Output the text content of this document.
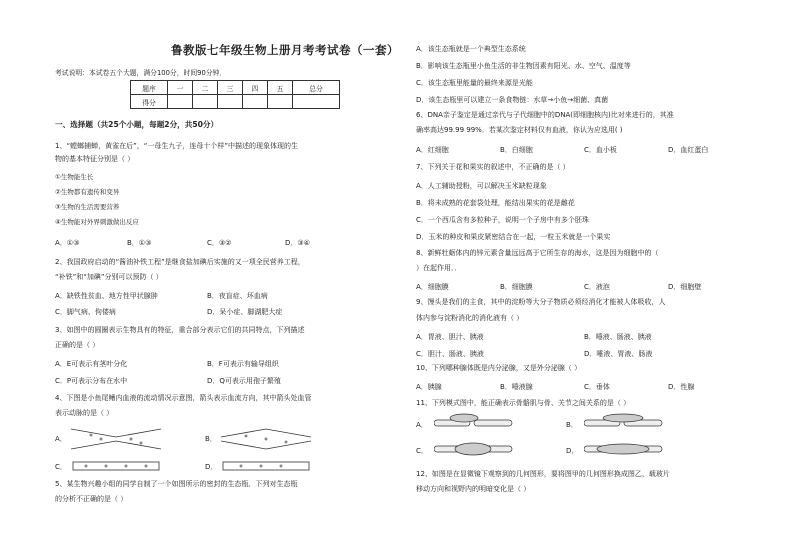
鲁教版七年级生物上册月考考试卷（一套）
考试说明：本试卷五个大题，满分100分，时间90分钟．
题序	一	二	三	四	五	总分
得分						
一、选择题（共25个小题，每题2分，共50分）
1、“螳螂捕蝉，黄雀在后”，“一母生九子，连母十个样”中描述的现象体现的生
物的基本特征分别是（ ）
①生物能生长
②生物都有遗传和变异
③生物的生活需要营养
④生物能对外界刺激做出反应
A．①③	B．①③	C．③②	D．③④
2、我国政府启动的“酱油补铁工程”是继食盐加碘后实施的又一项全民营养工程，
“补铁”和“加碘”分别可以预防（ ）
A．缺铁性贫血、地方性甲状腺肿	B．夜盲症、坏血病
C．脚气病、佝偻病	D．呆小症、脚湖肥大症
3、如图中的圆圈表示生物具有的特征，重合部分表示它们的共同特点，下列描述
正确的是（ ）
A．E可表示有茎叶分化	B．F可表示有输导组织
C．P可表示分布在水中	D．Q可表示用孢子繁殖
4、下图是小鱼尾鳍内血液的流动情况示意图，箭头表示血流方向，其中箭头处血管
表示动脉的是（ ）
A．	B．
C．	D．
5、某生物兴趣小组的同学自制了一个如图所示的密封的生态瓶．下列对生态瓶
的分析不正确的是（ ）
A．该生态瓶就是一个典型生态系统
B．影响该生态瓶里小鱼生活的非生物因素有阳光、水、空气、温度等
C．该生态瓶里能量的最终来源是光能
D．该生态瓶里可以建立一条食物链：水草→小鱼→细菌、真菌
6、DNA亲子鉴定是通过亲代与子代细胞中的DNA(即细胞核内)比对来进行的，其准
确率高达99.99 99%．若某次鉴定材料仅有血液，你认为应选用( )
A．红细胞	B．白细胞	C．血小板	D．血红蛋白
7、下列关于花和果实的叙述中，不正确的是（ ）
A．人工辅助授粉，可以解决玉米缺粒现象
B．将未成熟的花套袋处理，能结出果实的花是雌花
C．一个西瓜含有多粒种子，说明一个子房中有多个胚珠
D．玉米的种皮和果皮紧密结合在一起，一粒玉米就是一个果实
8、新鲜牡蛎体内的锌元素含量远远高于它所生存的海水，这是因为细胞中的（
）在起作用．．
A．细胞膜	B．细胞膜	C．液泡	D．细胞壁
9、馒头是我们的主食，其中的淀粉等大分子物质必须经消化才能被人体吸收，人
体内参与淀粉消化的消化液有（ ）
A．胃液、胆汁、胰液	B．唾液、肠液、胰液
C．胆汁、肠液、胰液	D．唾液、胃液、肠液
10、下列哪种腺体既是内分泌腺，又是外分泌腺（ ）
A．胰腺	B．唾液腺	C．垂体	D．性腺
11、下列模式图中，能正确表示骨骼肌与骨、关节之间关系的是（ ）
A．	B．
C．	D．
12、如图是在显微镜下观察到的几何图形，要将图甲的几何图形换成图乙，载玻片
移动方向和视野内的明暗变化是（ ）
